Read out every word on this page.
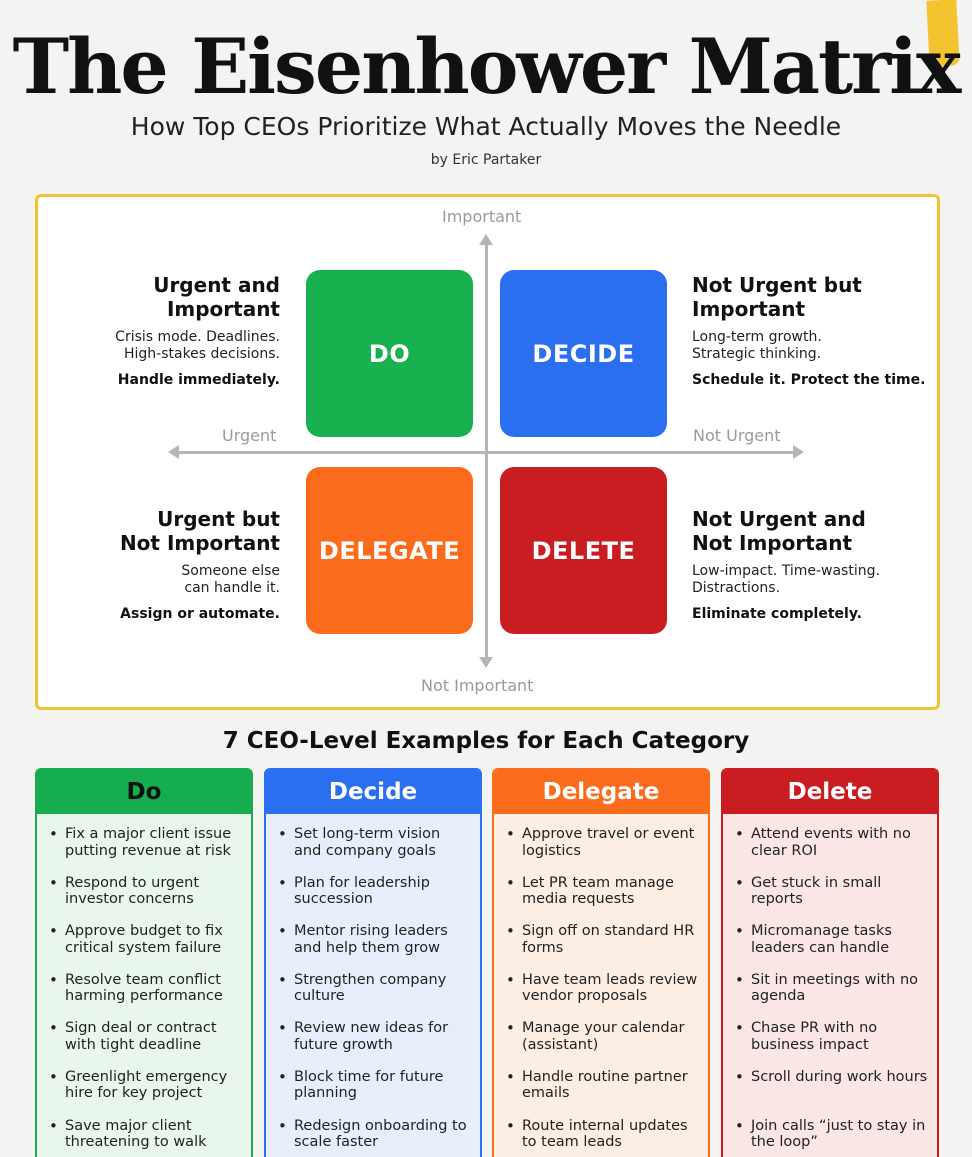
The Eisenhower Matrix
How Top CEOs Prioritize What Actually Moves the Needle
by Eric Partaker
Important
Not Important
Urgent	Not Urgent
DO	DECIDE
DELEGATE	DELETE
Urgent and
Important
Crisis mode. Deadlines.
High-stakes decisions.
Handle immediately.
Not Urgent but
Important
Long-term growth.
Strategic thinking.
Schedule it. Protect the time.
Urgent but
Not Important
Someone else
can handle it.
Assign or automate.
Not Urgent and
Not Important
Low-impact. Time-wasting.
Distractions.
Eliminate completely.
7 CEO-Level Examples for Each Category
Do
• Fix a major client issue putting revenue at risk
• Respond to urgent investor concerns
• Approve budget to fix critical system failure
• Resolve team conflict harming performance
• Sign deal or contract with tight deadline
• Greenlight emergency hire for key project
• Save major client threatening to walk
Decide
• Set long-term vision and company goals
• Plan for leadership succession
• Mentor rising leaders and help them grow
• Strengthen company culture
• Review new ideas for future growth
• Block time for future planning
• Redesign onboarding to scale faster
Delegate
• Approve travel or event logistics
• Let PR team manage media requests
• Sign off on standard HR forms
• Have team leads review vendor proposals
• Manage your calendar (assistant)
• Handle routine partner emails
• Route internal updates to team leads
Delete
• Attend events with no clear ROI
• Get stuck in small reports
• Micromanage tasks leaders can handle
• Sit in meetings with no agenda
• Chase PR with no business impact
• Scroll during work hours
• Join calls “just to stay in the loop”
